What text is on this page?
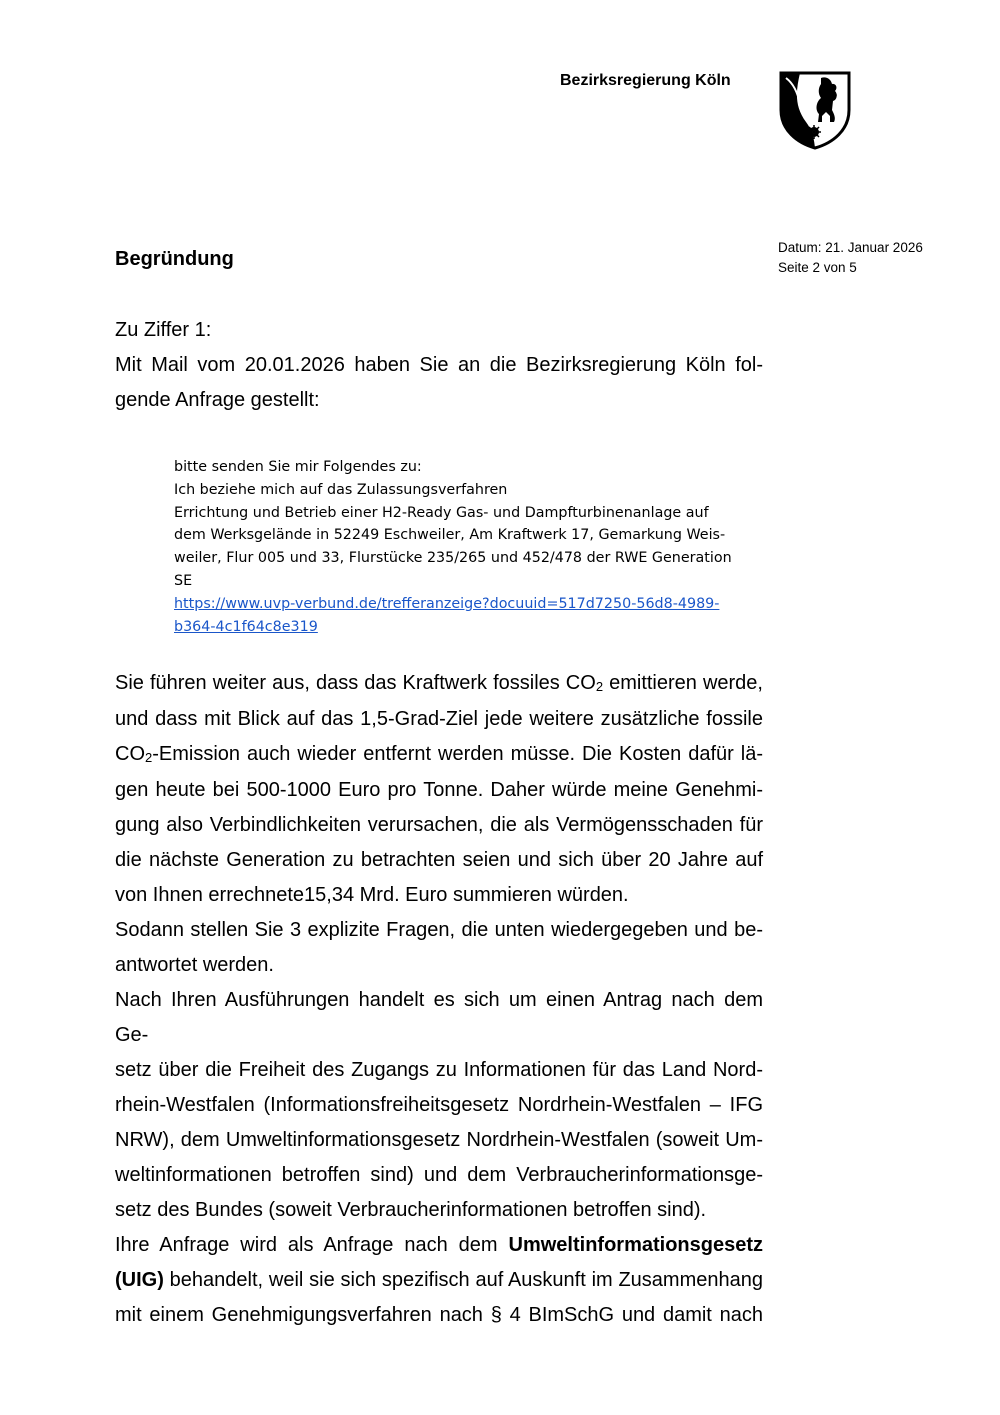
Bezirksregierung Köln
Begründung
Datum: 21. Januar 2026
Seite 2 von 5
Zu Ziffer 1:
Mit Mail vom 20.01.2026 haben Sie an die Bezirksregierung Köln fol-
gende Anfrage gestellt:
bitte senden Sie mir Folgendes zu:
Ich beziehe mich auf das Zulassungsverfahren
Errichtung und Betrieb einer H2-Ready Gas- und Dampfturbinenanlage auf
dem Werksgelände in 52249 Eschweiler, Am Kraftwerk 17, Gemarkung Weis-
weiler, Flur 005 und 33, Flurstücke 235/265 und 452/478 der RWE Generation
SE
https://www.uvp-verbund.de/trefferanzeige?docuuid=517d7250-56d8-4989-
b364-4c1f64c8e319
Sie führen weiter aus, dass das Kraftwerk fossiles $CO_2$ emittieren werde,
und dass mit Blick auf das 1,5-Grad-Ziel jede weitere zusätzliche fossile
$CO_2$-Emission auch wieder entfernt werden müsse. Die Kosten dafür lä-
gen heute bei 500-1000 Euro pro Tonne. Daher würde meine Genehmi-
gung also Verbindlichkeiten verursachen, die als Vermögensschaden für
die nächste Generation zu betrachten seien und sich über 20 Jahre auf
von Ihnen errechnete15,34 Mrd. Euro summieren würden.
Sodann stellen Sie 3 explizite Fragen, die unten wiedergegeben und be-
antwortet werden.
Nach Ihren Ausführungen handelt es sich um einen Antrag nach dem Ge-
setz über die Freiheit des Zugangs zu Informationen für das Land Nord-
rhein-Westfalen (Informationsfreiheitsgesetz Nordrhein-Westfalen – IFG
NRW), dem Umweltinformationsgesetz Nordrhein-Westfalen (soweit Um-
weltinformationen betroffen sind) und dem Verbraucherinformationsge-
setz des Bundes (soweit Verbraucherinformationen betroffen sind).
Ihre Anfrage wird als Anfrage nach dem Umweltinformationsgesetz
(UIG) behandelt, weil sie sich spezifisch auf Auskunft im Zusammenhang
mit einem Genehmigungsverfahren nach § 4 BImSchG und damit nach
